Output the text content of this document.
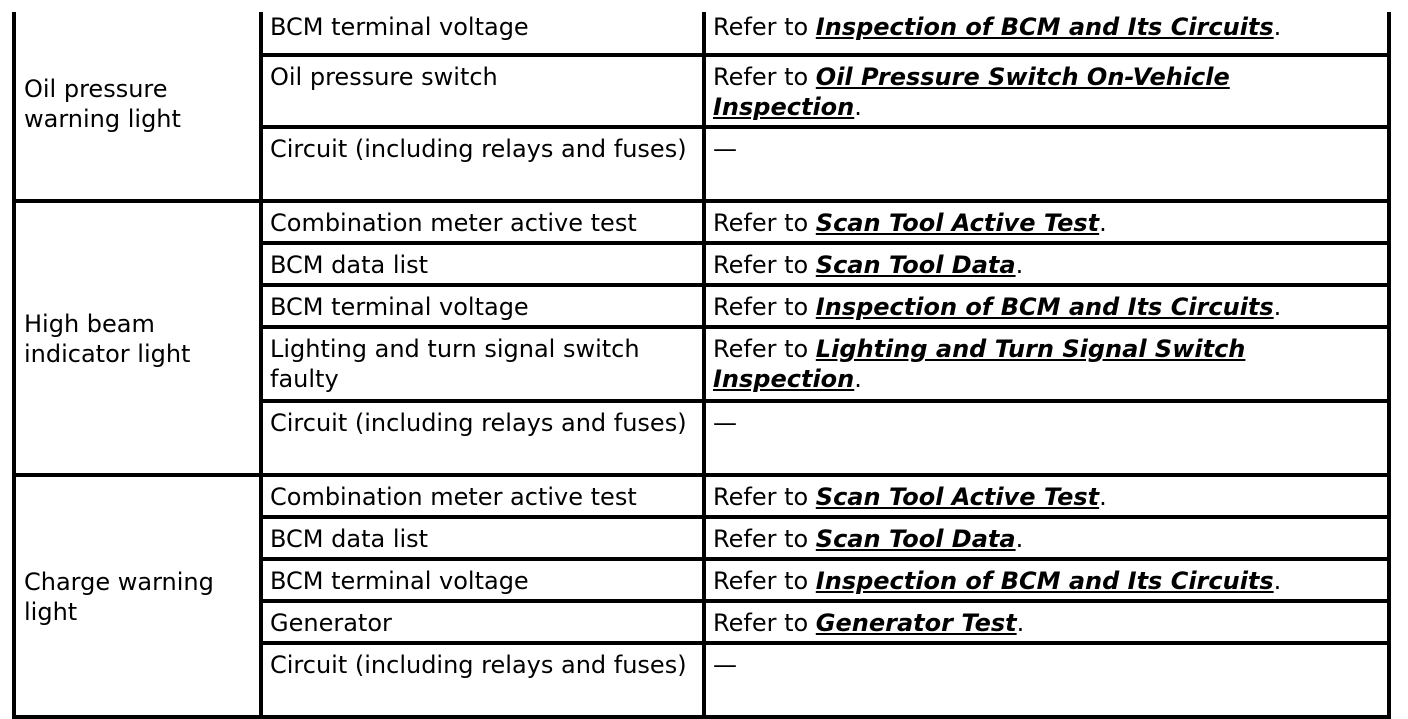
Oil pressure warning light	BCM terminal voltage	Refer to Inspection of BCM and Its Circuits.
	Oil pressure switch	Refer to Oil Pressure Switch On-Vehicle Inspection.
	Circuit (including relays and fuses)	—
High beam indicator light	Combination meter active test	Refer to Scan Tool Active Test.
	BCM data list	Refer to Scan Tool Data.
	BCM terminal voltage	Refer to Inspection of BCM and Its Circuits.
	Lighting and turn signal switch faulty	Refer to Lighting and Turn Signal Switch Inspection.
	Circuit (including relays and fuses)	—
Charge warning light	Combination meter active test	Refer to Scan Tool Active Test.
	BCM data list	Refer to Scan Tool Data.
	BCM terminal voltage	Refer to Inspection of BCM and Its Circuits.
	Generator	Refer to Generator Test.
	Circuit (including relays and fuses)	—
